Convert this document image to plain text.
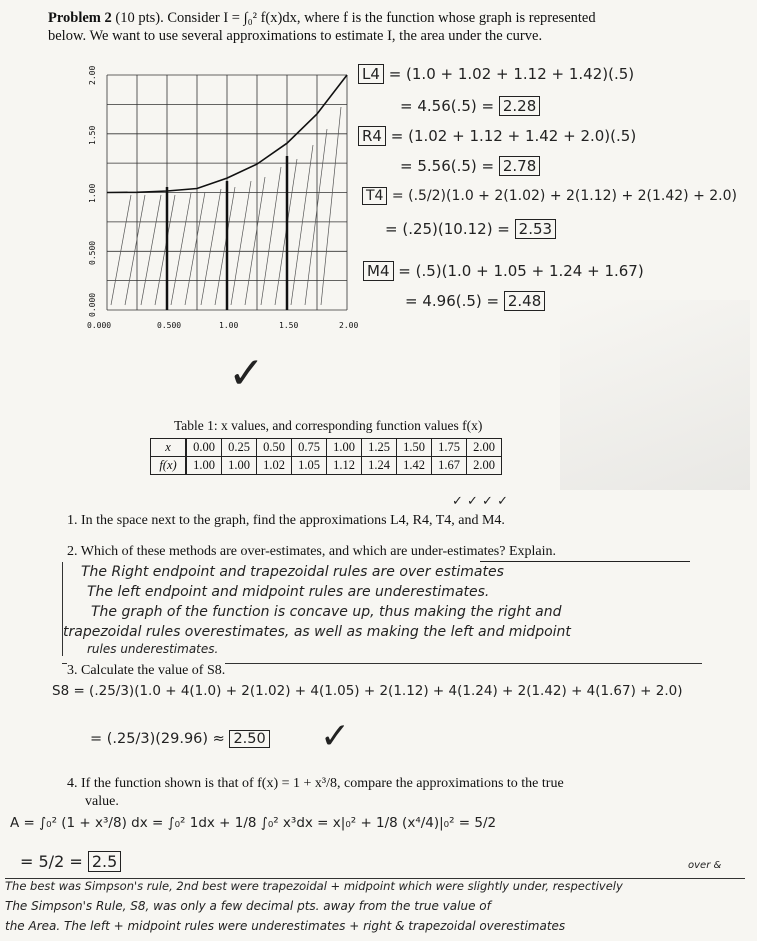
Problem 2 (10 pts). Consider I = ∫₀² f(x)dx, where f is the function whose graph is represented
below. We want to use several approximations to estimate I, the area under the curve.
0.000
0.500
1.00
1.50
2.00
0.000	0.500	1.00	1.50	2.00
L4 = (1.0 + 1.02 + 1.12 + 1.42)(.5)
= 4.56(.5) = 2.28
R4 = (1.02 + 1.12 + 1.42 + 2.0)(.5)
= 5.56(.5) = 2.78
T4 = (.5/2)(1.0 + 2(1.02) + 2(1.12) + 2(1.42) + 2.0)
= (.25)(10.12) = 2.53
M4 = (.5)(1.0 + 1.05 + 1.24 + 1.67)
= 4.96(.5) = 2.48
✓
Table 1: x values, and corresponding function values f(x)
x	0.00	0.25	0.50	0.75	1.00	1.25	1.50	1.75	2.00
f(x)	1.00	1.00	1.02	1.05	1.12	1.24	1.42	1.67	2.00
✓ ✓ ✓ ✓
1. In the space next to the graph, find the approximations L4, R4, T4, and M4.
2. Which of these methods are over-estimates, and which are under-estimates? Explain.
The Right endpoint and trapezoidal rules are over estimates
The left endpoint and midpoint rules are underestimates.
The graph of the function is concave up, thus making the right and
trapezoidal rules overestimates, as well as making the left and midpoint
rules underestimates.
3. Calculate the value of S8.
S8 = (.25/3)(1.0 + 4(1.0) + 2(1.02) + 4(1.05) + 2(1.12) + 4(1.24) + 2(1.42) + 4(1.67) + 2.0)
= (.25/3)(29.96) ≈ 2.50 ✓
4. If the function shown is that of f(x) = 1 + x³/8, compare the approximations to the true
value.
A = ∫₀² (1 + x³/8) dx = ∫₀² 1dx + 1/8 ∫₀² x³dx = x|₀² + 1/8 (x⁴/4)|₀² = 5/2
= 5/2 = 2.5	over &
The best was Simpson's rule, 2nd best were trapezoidal + midpoint which were slightly under, respectively
The Simpson's Rule, S8, was only a few decimal pts. away from the true value of
the Area. The left + midpoint rules were underestimates + right & trapezoidal overestimates
